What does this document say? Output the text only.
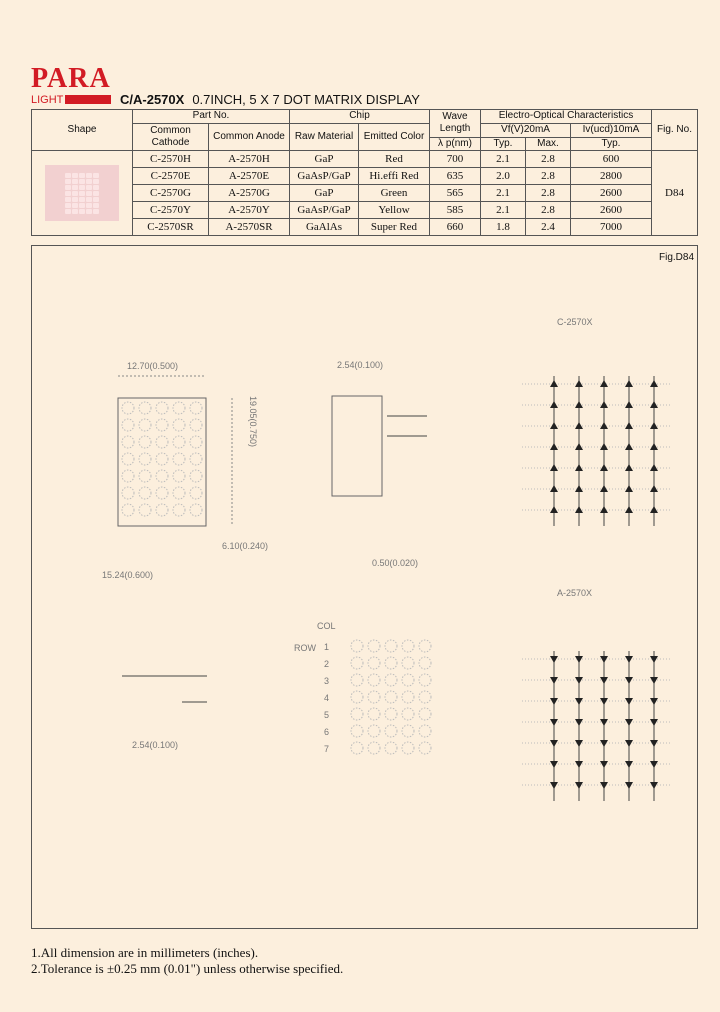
PARA
LIGHT	C/A-2570X 0.7INCH, 5 X 7 DOT MATRIX DISPLAY
Shape	Part No.		Chip		Wave Length	Electro-Optical Characteristics			Fig. No.
	Common Cathode	Common Anode	Raw Material	Emitted Color		Vf(V)20mA		Iv(ucd)10mA	
					λ p(nm)	Typ.	Max.	Typ.	

	C-2570H	A-2570H	GaP	Red	700	2.1	2.8	600	D84
	C-2570E	A-2570E	GaAsP/GaP	Hi.effi Red	635	2.0	2.8	2800	
	C-2570G	A-2570G	GaP	Green	565	2.1	2.8	2600	
	C-2570Y	A-2570Y	GaAsP/GaP	Yellow	585	2.1	2.8	2600	
	C-2570SR	A-2570SR	GaAlAs	Super Red	660	1.8	2.4	7000	
Fig.D84
12.70(0.500)
19.05(0.750)
6.10(0.240)
15.24(0.600)
2.54(0.100)
0.50(0.020)
2.54(0.100)
COL
ROW 1
2
3
4
5
6
7
C-2570X
A-2570X
1.All dimension are in millimeters (inches).
2.Tolerance is ±0.25 mm (0.01") unless otherwise specified.
